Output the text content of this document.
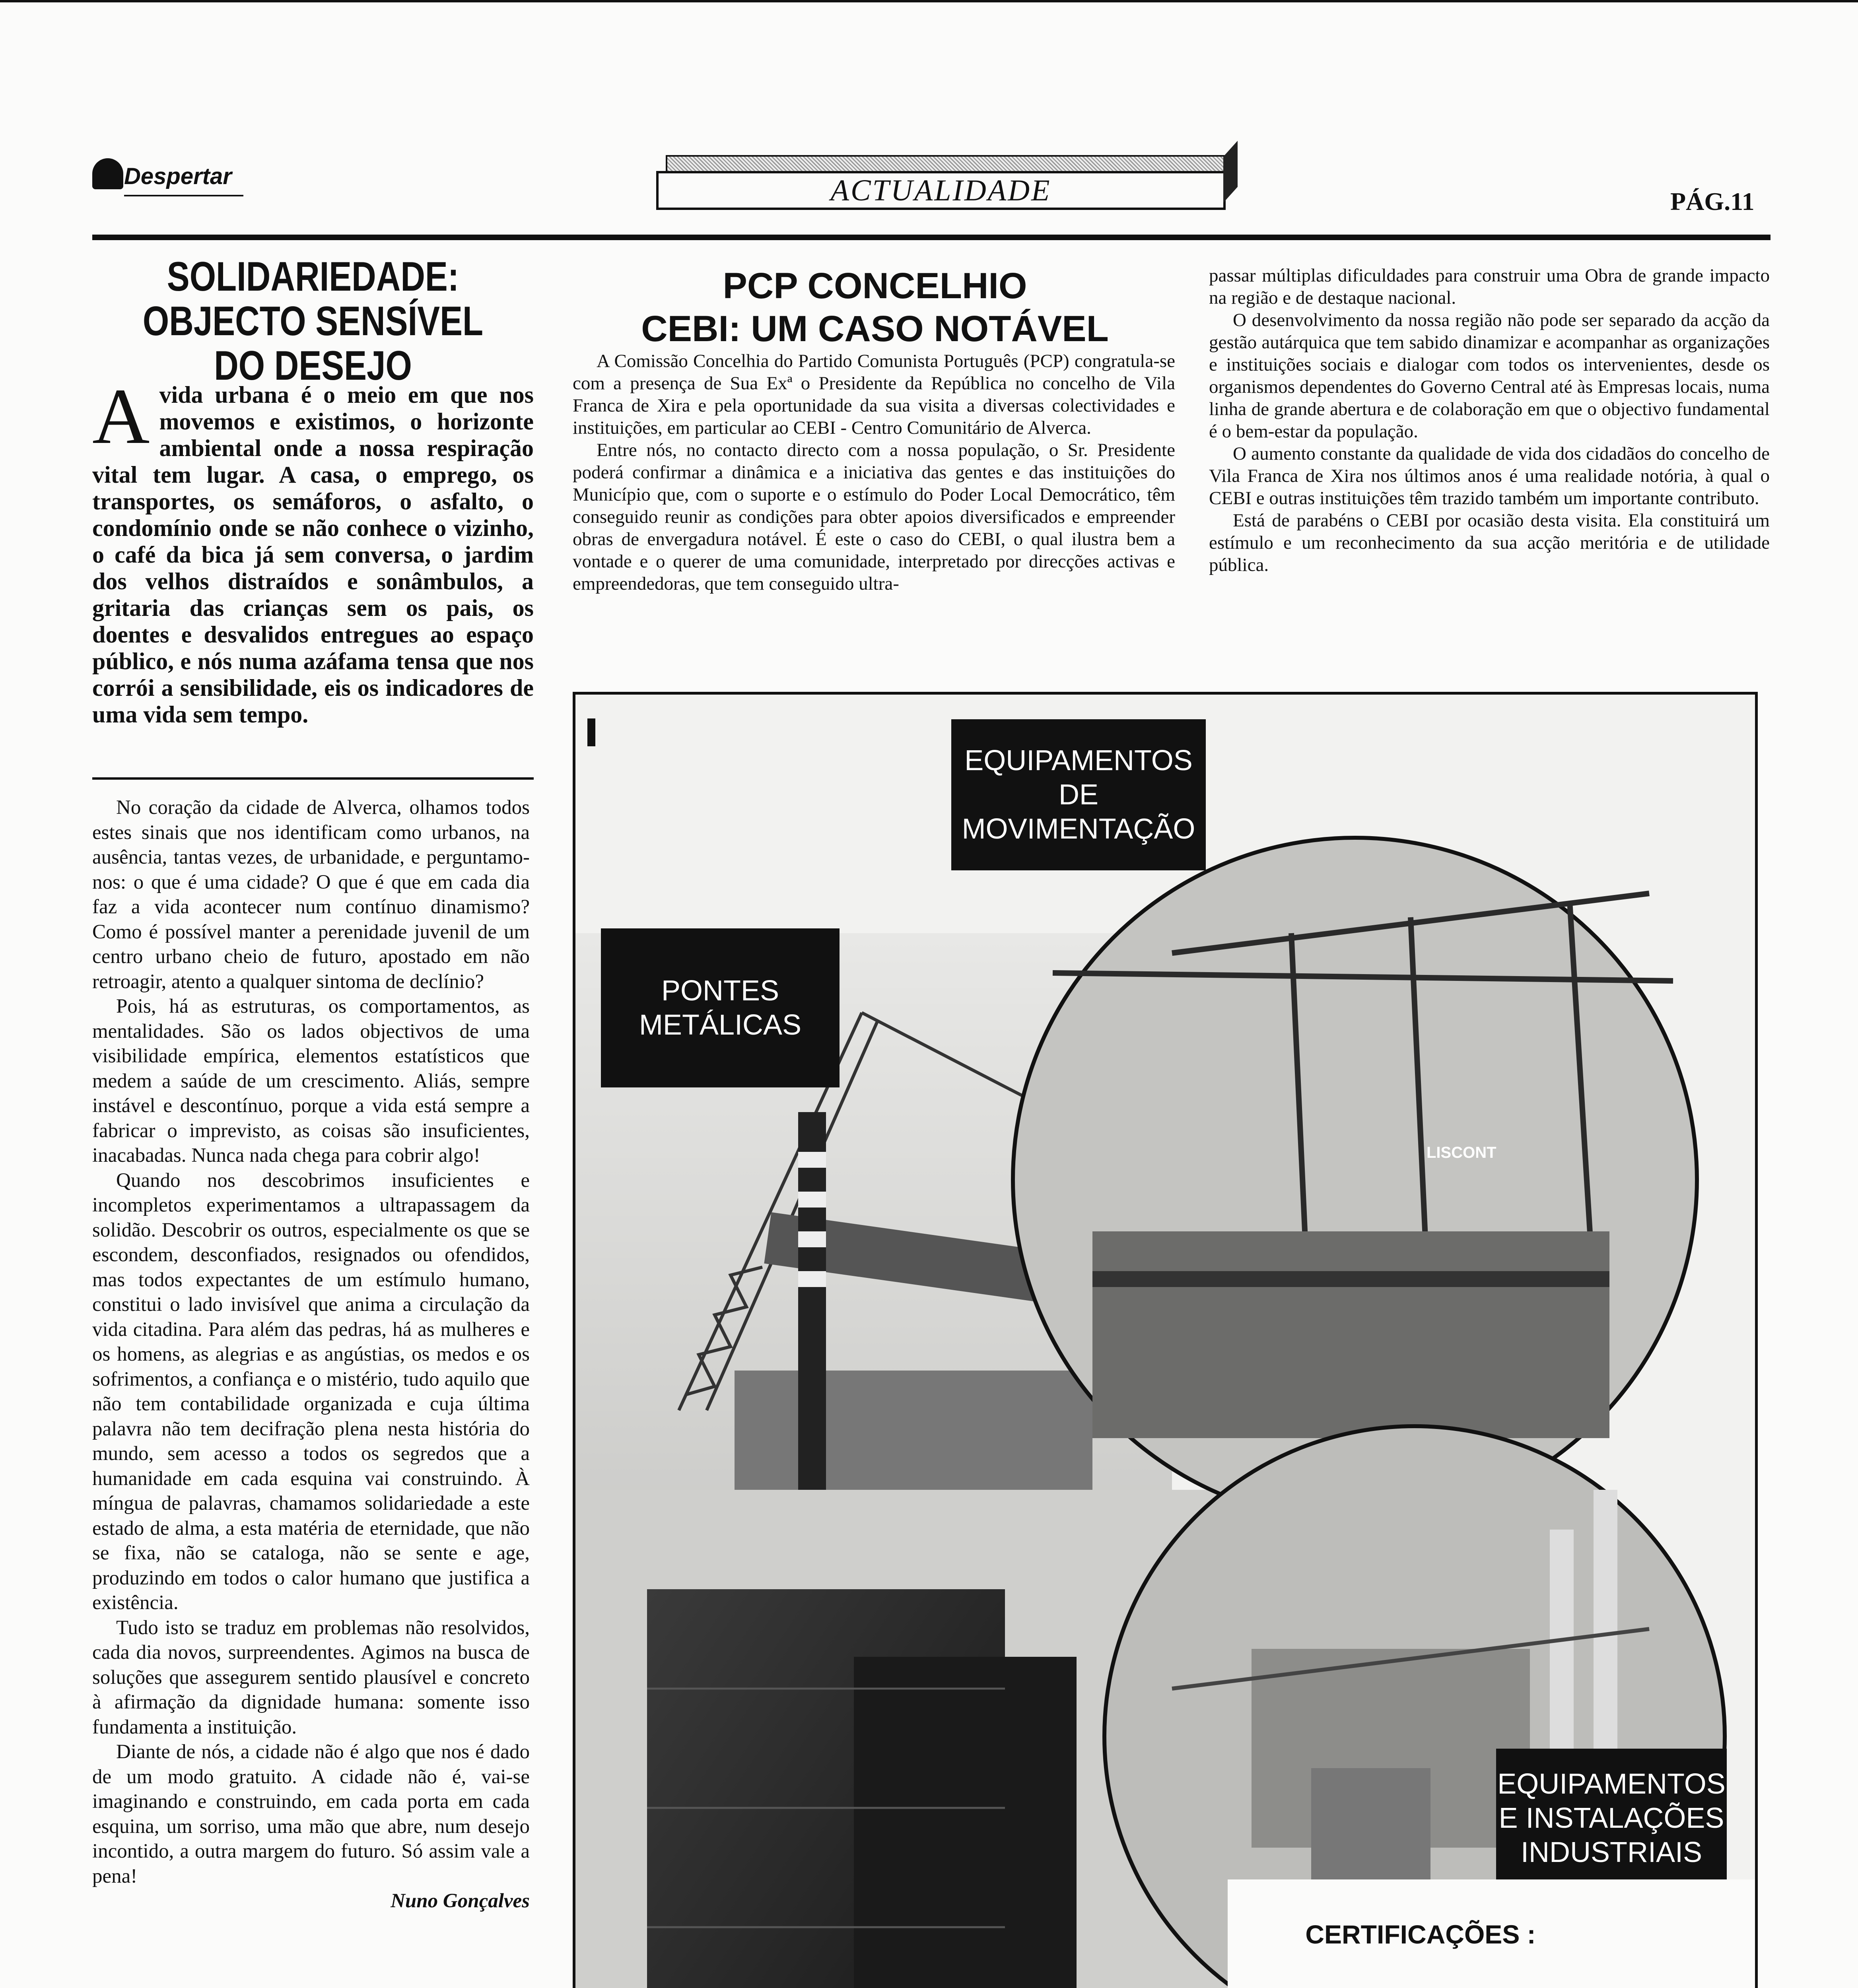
Despertar	ACTUALIDADE	PÁG.11
SOLIDARIEDADE: OBJECTO SENSÍVEL DO DESEJO
Avida urbana é o meio em que nos movemos e existimos, o horizonte ambiental onde a nossa respiração vital tem lugar. A casa, o emprego, os transportes, os semáforos, o asfalto, o condomínio onde se não conhece o vizinho, o café da bica já sem conversa, o jardim dos velhos distraídos e sonâmbulos, a gritaria das crianças sem os pais, os doentes e desvalidos entregues ao espaço público, e nós numa azáfama tensa que nos corrói a sensibilidade, eis os indicadores de uma vida sem tempo.

No coração da cidade de Alverca, olhamos todos estes sinais que nos identificam como urbanos, na ausência, tantas vezes, de urbanidade, e perguntamo-nos: o que é uma cidade? O que é que em cada dia faz a vida acontecer num contínuo dinamismo? Como é possível manter a perenidade juvenil de um centro urbano cheio de futuro, apostado em não retroagir, atento a qualquer sintoma de declínio?

Pois, há as estruturas, os comportamentos, as mentalidades. São os lados objectivos de uma visibilidade empírica, elementos estatísticos que medem a saúde de um crescimento. Aliás, sempre instável e descontínuo, porque a vida está sempre a fabricar o imprevisto, as coisas são insuficientes, inacabadas. Nunca nada chega para cobrir algo!

Quando nos descobrimos insuficientes e incompletos experimentamos a ultrapassagem da solidão. Descobrir os outros, especialmente os que se escondem, desconfiados, resignados ou ofendidos, mas todos expectantes de um estímulo humano, constitui o lado invisível que anima a circulação da vida citadina. Para além das pedras, há as mulheres e os homens, as alegrias e as angústias, os medos e os sofrimentos, a confiança e o mistério, tudo aquilo que não tem contabilidade organizada e cuja última palavra não tem decifração plena nesta história do mundo, sem acesso a todos os segredos que a humanidade em cada esquina vai construindo. À míngua de palavras, chamamos solidariedade a este estado de alma, a esta matéria de eternidade, que não se fixa, não se cataloga, não se sente e age, produzindo em todos o calor humano que justifica a existência.

Tudo isto se traduz em problemas não resolvidos, cada dia novos, surpreendentes. Agimos na busca de soluções que assegurem sentido plausível e concreto à afirmação da dignidade humana: somente isso fundamenta a instituição.

Diante de nós, a cidade não é algo que nos é dado de um modo gratuito. A cidade não é, vai-se imaginando e construindo, em cada porta em cada esquina, um sorriso, uma mão que abre, num desejo incontido, a outra margem do futuro. Só assim vale a pena!

Nuno Gonçalves

PCP CONCELHIO
CEBI: UM CASO NOTÁVEL

A Comissão Concelhia do Partido Comunista Português (PCP) congratula-se com a presença de Sua Exª o Presidente da República no concelho de Vila Franca de Xira e pela oportunidade da sua visita a diversas colectividades e instituições, em particular ao CEBI - Centro Comunitário de Alverca.

Entre nós, no contacto directo com a nossa população, o Sr. Presidente poderá confirmar a dinâmica e a iniciativa das gentes e das instituições do Município que, com o suporte e o estímulo do Poder Local Democrático, têm conseguido reunir as condições para obter apoios diversificados e empreender obras de envergadura notável. É este o caso do CEBI, o qual ilustra bem a vontade e o querer de uma comunidade, interpretado por direcções activas e empreendedoras, que tem conseguido ultra-

passar múltiplas dificuldades para construir uma Obra de grande impacto na região e de destaque nacional.

O desenvolvimento da nossa região não pode ser separado da acção da gestão autárquica que tem sabido dinamizar e acompanhar as organizações e instituições sociais e dialogar com todos os intervenientes, desde os organismos dependentes do Governo Central até às Empresas locais, numa linha de grande abertura e de colaboração em que o objectivo fundamental é o bem-estar da população.

O aumento constante da qualidade de vida dos cidadãos do concelho de Vila Franca de Xira nos últimos anos é uma realidade notória, à qual o CEBI e outras instituições têm trazido também um importante contributo.

Está de parabéns o CEBI por ocasião desta visita. Ela constituirá um estímulo e um reconhecimento da sua acção meritória e de utilidade pública.

LISCONT
EQUIPAMENTOS DE MOVIMENTAÇÃO
PONTES METÁLICAS
EQUIPAMENTOS E INSTALAÇÕES INDUSTRIAIS
CERTIFICAÇÕES :
